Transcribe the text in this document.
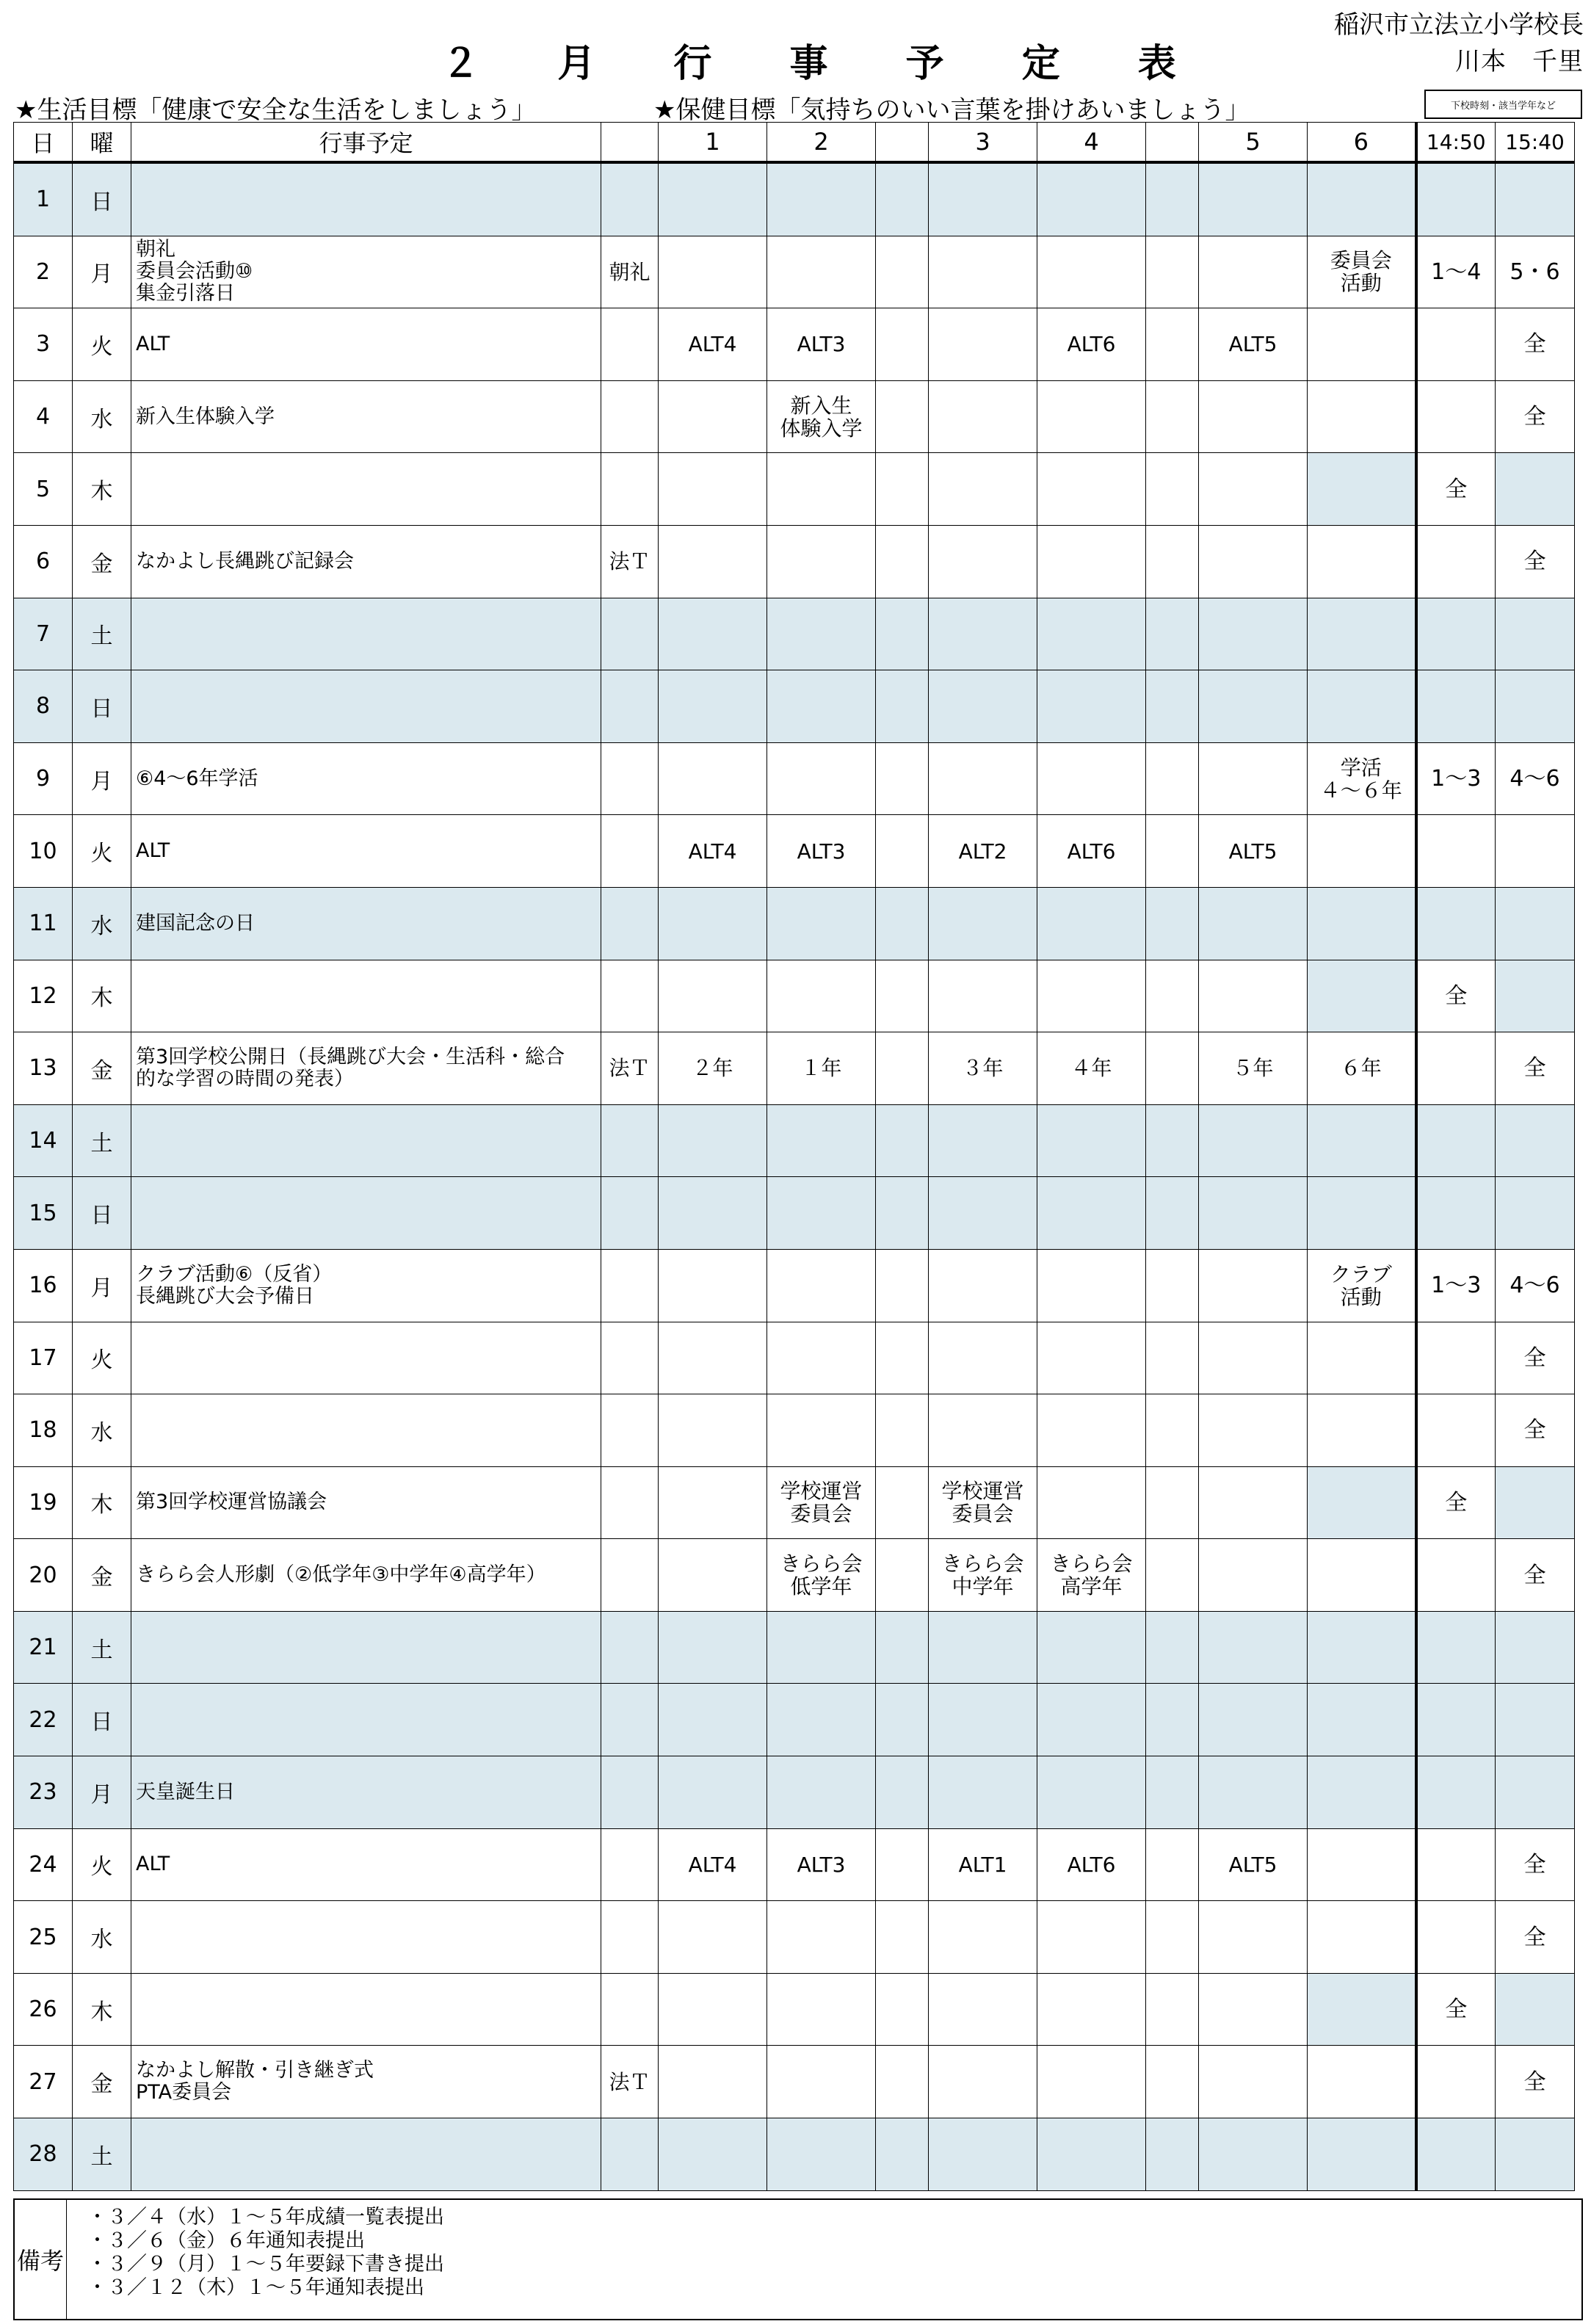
稲沢市立法立小学校長
川本　千里
２ 月 行 事 予 定 表
★生活目標「健康で安全な生活をしましょう」	★保健目標「気持ちのいい言葉を掛けあいましょう」	下校時刻・該当学年など
日	曜	行事予定		1	2		3	4		5	6	14:50	15:40
1	日												
2	月	朝礼
委員会活動⑩
集金引落日	朝礼								委員会
活動	1～4	5・6
3	火	ALT		ALT4	ALT3			ALT6		ALT5			全
4	水	新入生体験入学			新入生
体験入学								全
5	木											全	
6	金	なかよし長縄跳び記録会	法Ｔ										全
7	土												
8	日												
9	月	⑥4～6年学活									学活
４～６年	1～3	4～6
10	火	ALT		ALT4	ALT3		ALT2	ALT6		ALT5			
11	水	建国記念の日											
12	木											全	
13	金	第3回学校公開日（長縄跳び大会・生活科・総合
的な学習の時間の発表）	法Ｔ	２年	１年		３年	４年		５年	６年		全
14	土												
15	日												
16	月	クラブ活動⑥（反省）
長縄跳び大会予備日									クラブ
活動	1～3	4～6
17	火												全
18	水												全
19	木	第3回学校運営協議会			学校運営
委員会		学校運営
委員会					全	
20	金	きらら会人形劇（②低学年③中学年④高学年）			きらら会
低学年		きらら会
中学年	きらら会
高学年					全
21	土												
22	日												
23	月	天皇誕生日											
24	火	ALT		ALT4	ALT3		ALT1	ALT6		ALT5			全
25	水												全
26	木											全	
27	金	なかよし解散・引き継ぎ式
PTA委員会	法Ｔ										全
28	土												
備考
・３／４（水）１～５年成績一覧表提出
・３／６（金）６年通知表提出
・３／９（月）１～５年要録下書き提出
・３／１２（木）１～５年通知表提出
